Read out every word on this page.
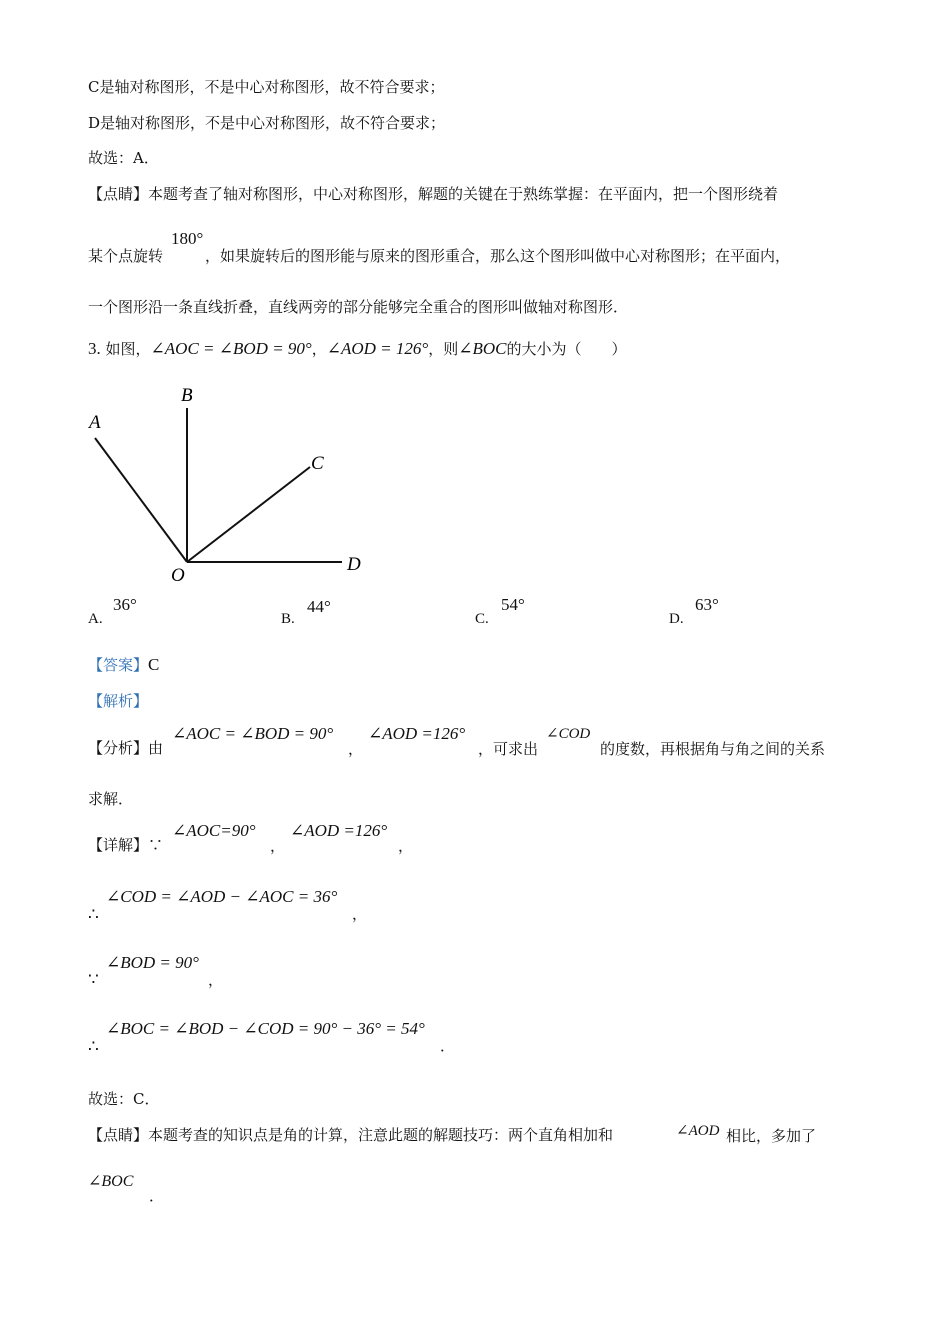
C是轴对称图形，不是中心对称图形，故不符合要求；
D是轴对称图形，不是中心对称图形，故不符合要求；
故选：A．
【点睛】本题考查了轴对称图形，中心对称图形，解题的关键在于熟练掌握：在平面内，把一个图形绕着
180°
某个点旋转	，如果旋转后的图形能与原来的图形重合，那么这个图形叫做中心对称图形；在平面内，
一个图形沿一条直线折叠，直线两旁的部分能够完全重合的图形叫做轴对称图形．
3. 如图，∠AOC = ∠BOD = 90°，∠AOD = 126°，则∠BOC的大小为（　　）
A
B
C
D
O
A.
36°
B.
44°
C.
54°
D.
63°
【答案】C
【解析】
【分析】由
∠AOC = ∠BOD = 90°
，
∠AOD =126°
，可求出
∠COD
的度数，再根据角与角之间的关系
求解．
【详解】∵
∠AOC=90°
，
∠AOD =126°
，
∴
∠COD = ∠AOD − ∠AOC = 36°
，
∵
∠BOD = 90°
，
∴
∠BOC = ∠BOD − ∠COD = 90° − 36° = 54°
．
故选：C．
【点睛】本题考查的知识点是角的计算，注意此题的解题技巧：两个直角相加和	∠AOD 相比，多加了
∠BOC
．
